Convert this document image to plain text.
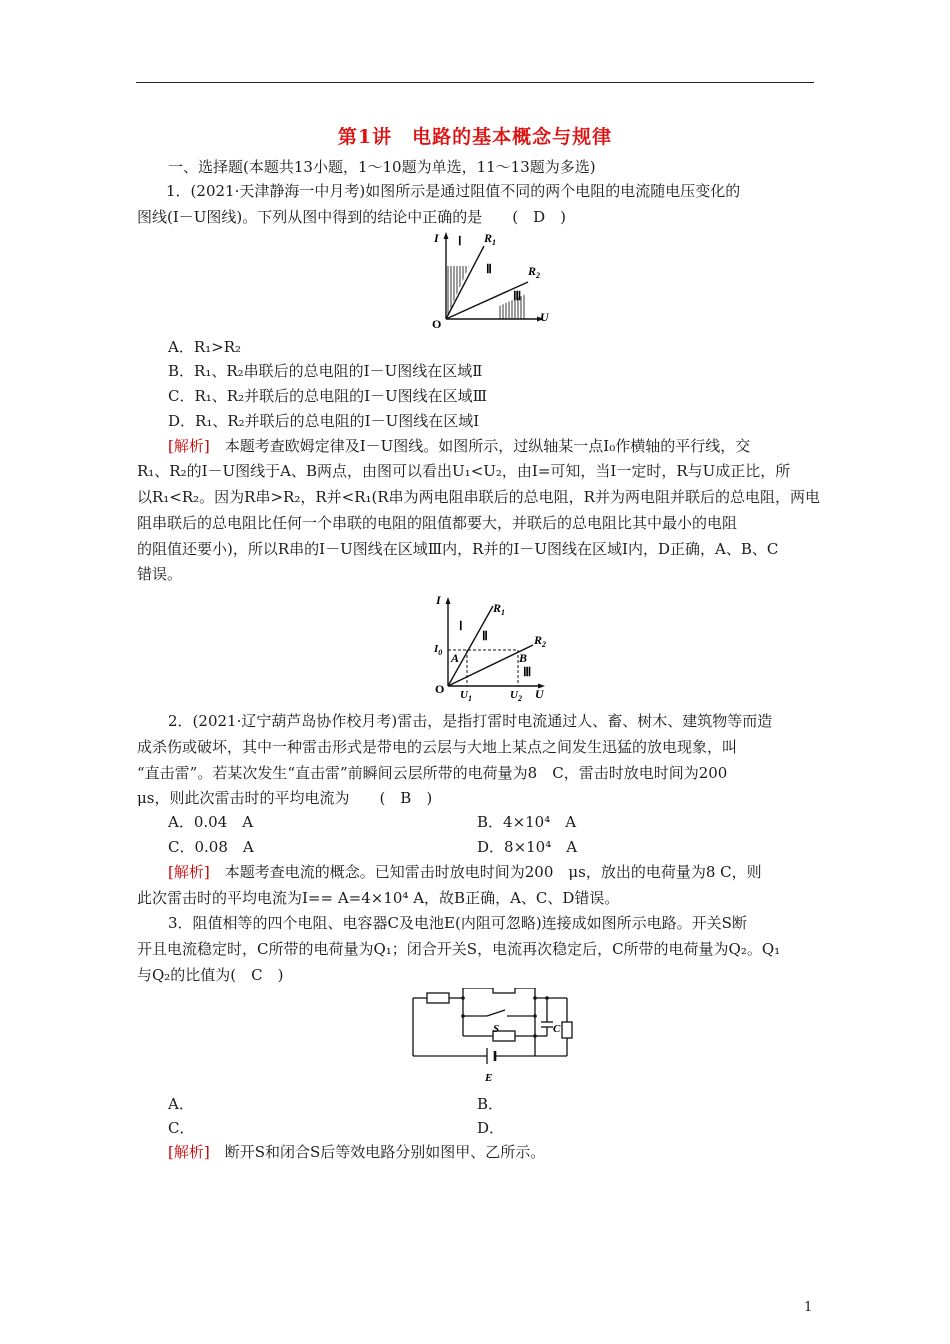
第1讲　电路的基本概念与规律
一、选择题(本题共13小题，1～10题为单选，11～13题为多选)
1．(2021·天津静海一中月考)如图所示是通过阻值不同的两个电阻的电流随电压变化的
图线(I－U图线)。下列从图中得到的结论中正确的是　　(　D　)
I
U
O
Ⅰ
Ⅱ
Ⅲ
$R_1$
$R_2$
A．R₁>R₂
B．R₁、R₂串联后的总电阻的I－U图线在区域Ⅱ
C．R₁、R₂并联后的总电阻的I－U图线在区域Ⅲ
D．R₁、R₂并联后的总电阻的I－U图线在区域Ⅰ
[解析]　 本题考查欧姆定律及I－U图线。如图所示，过纵轴某一点I₀作横轴的平行线，交
R₁、R₂的I－U图线于A、B两点，由图可以看出U₁<U₂，由I=可知，当I一定时，R与U成正比，所
以R₁<R₂。因为R串>R₂，R并<R₁(R串为两电阻串联后的总电阻，R并为两电阻并联后的总电阻，两电
阻串联后的总电阻比任何一个串联的电阻的阻值都要大，并联后的总电阻比其中最小的电阻
的阻值还要小)，所以R串的I－U图线在区域Ⅲ内，R并的I－U图线在区域Ⅰ内，D正确，A、B、C
错误。
I
U
O
$I_0$ A	B
$U_1$	$U_2$
Ⅰ
Ⅱ
Ⅲ
$R_1$
$R_2$
2．(2021·辽宁葫芦岛协作校月考)雷击，是指打雷时电流通过人、畜、树木、建筑物等而造
成杀伤或破坏，其中一种雷击形式是带电的云层与大地上某点之间发生迅猛的放电现象，叫
“直击雷”。若某次发生“直击雷”前瞬间云层所带的电荷量为8　C，雷击时放电时间为200
μs，则此次雷击时的平均电流为　　(　B　)
A．0.04　A	B．4×10⁴　A
C．0.08　A	D．8×10⁴　A
[解析]　 本题考查电流的概念。已知雷击时放电时间为200　μs，放出的电荷量为8 C，则
此次雷击时的平均电流为I== A=4×10⁴ A，故B正确，A、C、D错误。
3．阻值相等的四个电阻、电容器C及电池E(内阻可忽略)连接成如图所示电路。开关S断
开且电流稳定时，C所带的电荷量为Q₁；闭合开关S，电流再次稳定后，C所带的电荷量为Q₂。Q₁
与Q₂的比值为(　C　)
S	C
E
A．	B．
C．	D．
[解析]　 断开S和闭合S后等效电路分别如图甲、乙所示。
1
